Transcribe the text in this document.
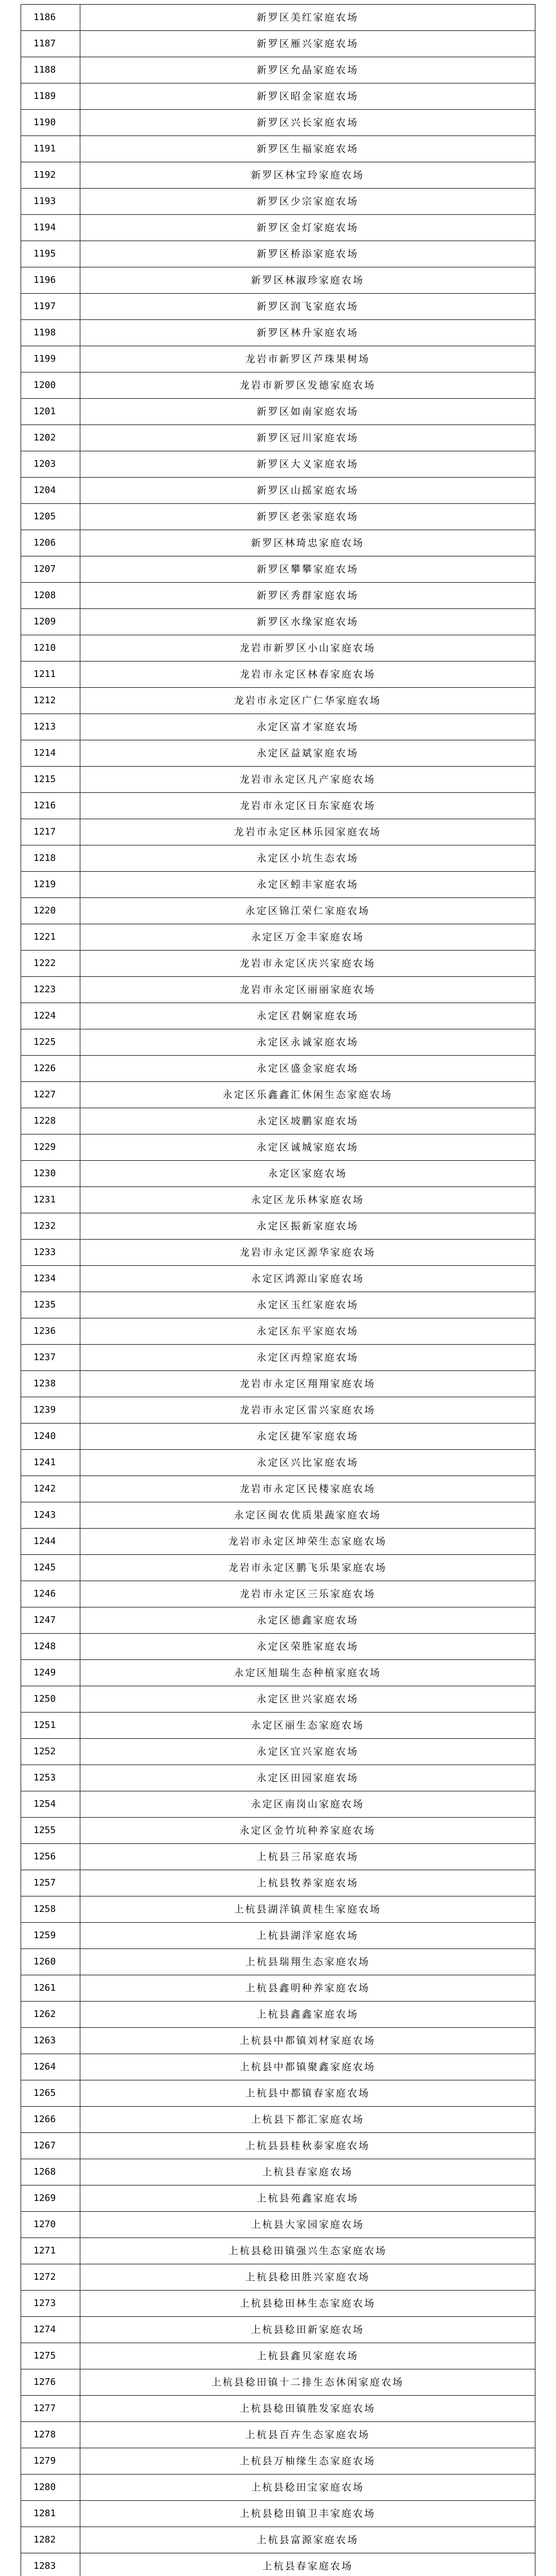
1186	新罗区美红家庭农场
1187	新罗区雁兴家庭农场
1188	新罗区允晶家庭农场
1189	新罗区昭金家庭农场
1190	新罗区兴长家庭农场
1191	新罗区生福家庭农场
1192	新罗区林宝玲家庭农场
1193	新罗区少宗家庭农场
1194	新罗区金灯家庭农场
1195	新罗区桥添家庭农场
1196	新罗区林淑珍家庭农场
1197	新罗区润飞家庭农场
1198	新罗区林升家庭农场
1199	龙岩市新罗区芦珠果树场
1200	龙岩市新罗区发德家庭农场
1201	新罗区如南家庭农场
1202	新罗区冠川家庭农场
1203	新罗区大义家庭农场
1204	新罗区山摇家庭农场
1205	新罗区老张家庭农场
1206	新罗区林琦忠家庭农场
1207	新罗区攀攀家庭农场
1208	新罗区秀群家庭农场
1209	新罗区水缘家庭农场
1210	龙岩市新罗区小山家庭农场
1211	龙岩市永定区林春家庭农场
1212	龙岩市永定区广仁华家庭农场
1213	永定区富才家庭农场
1214	永定区益斌家庭农场
1215	龙岩市永定区凡产家庭农场
1216	龙岩市永定区日东家庭农场
1217	龙岩市永定区林乐园家庭农场
1218	永定区小坑生态农场
1219	永定区蚓丰家庭农场
1220	永定区锦江荣仁家庭农场
1221	永定区万金丰家庭农场
1222	龙岩市永定区庆兴家庭农场
1223	龙岩市永定区丽丽家庭农场
1224	永定区君娴家庭农场
1225	永定区永诚家庭农场
1226	永定区盛金家庭农场
1227	永定区乐鑫鑫汇休闲生态家庭农场
1228	永定区坡鹏家庭农场
1229	永定区诚城家庭农场
1230	永定区家庭农场
1231	永定区龙乐林家庭农场
1232	永定区振新家庭农场
1233	龙岩市永定区源华家庭农场
1234	永定区鸿源山家庭农场
1235	永定区玉红家庭农场
1236	永定区东平家庭农场
1237	永定区丙煌家庭农场
1238	龙岩市永定区翔翔家庭农场
1239	龙岩市永定区雷兴家庭农场
1240	永定区捷军家庭农场
1241	永定区兴比家庭农场
1242	龙岩市永定区民楼家庭农场
1243	永定区闽农优质果蔬家庭农场
1244	龙岩市永定区坤荣生态家庭农场
1245	龙岩市永定区鹏飞乐果家庭农场
1246	龙岩市永定区三乐家庭农场
1247	永定区德鑫家庭农场
1248	永定区荣胜家庭农场
1249	永定区旭瑞生态种植家庭农场
1250	永定区世兴家庭农场
1251	永定区丽生态家庭农场
1252	永定区宜兴家庭农场
1253	永定区田园家庭农场
1254	永定区南岗山家庭农场
1255	永定区金竹坑种养家庭农场
1256	上杭县三吊家庭农场
1257	上杭县牧养家庭农场
1258	上杭县湖洋镇黄桂生家庭农场
1259	上杭县湖洋家庭农场
1260	上杭县瑞翔生态家庭农场
1261	上杭县鑫明种养家庭农场
1262	上杭县鑫鑫家庭农场
1263	上杭县中都镇刘材家庭农场
1264	上杭县中都镇聚鑫家庭农场
1265	上杭县中都镇春家庭农场
1266	上杭县下都汇家庭农场
1267	上杭县县桂秋泰家庭农场
1268	上杭县春家庭农场
1269	上杭县苑鑫家庭农场
1270	上杭县大家园家庭农场
1271	上杭县稔田镇强兴生态家庭农场
1272	上杭县稔田胜兴家庭农场
1273	上杭县稔田林生态家庭农场
1274	上杭县稔田新家庭农场
1275	上杭县鑫贝家庭农场
1276	上杭县稔田镇十二排生态休闲家庭农场
1277	上杭县稔田镇胜发家庭农场
1278	上杭县百卉生态家庭农场
1279	上杭县万柚缘生态家庭农场
1280	上杭县稔田宝家庭农场
1281	上杭县稔田镇卫丰家庭农场
1282	上杭县富源家庭农场
1283	上杭县春家庭农场
